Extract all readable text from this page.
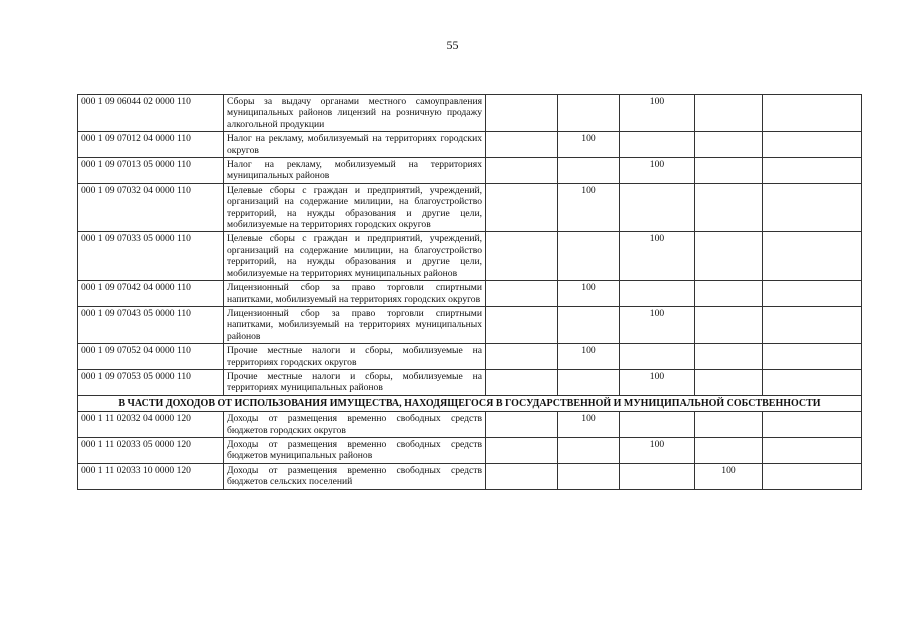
55
000 1 09 06044 02 0000 110	Сборы за выдачу органами местного самоуправления муниципальных районов лицензий на розничную продажу алкогольной продукции			100		
000 1 09 07012 04 0000 110	Налог на рекламу, мобилизуемый на территориях городских округов		100			
000 1 09 07013 05 0000 110	Налог на рекламу, мобилизуемый на территориях муниципальных районов			100		
000 1 09 07032 04 0000 110	Целевые сборы с граждан и предприятий, учреждений, организаций на содержание милиции, на благоустройство территорий, на нужды образования и другие цели, мобилизуемые на территориях городских округов		100			
000 1 09 07033 05 0000 110	Целевые сборы с граждан и предприятий, учреждений, организаций на содержание милиции, на благоустройство территорий, на нужды образования и другие цели, мобилизуемые на территориях муниципальных районов			100		
000 1 09 07042 04 0000 110	Лицензионный сбор за право торговли спиртными напитками, мобилизуемый на территориях городских округов		100			
000 1 09 07043 05 0000 110	Лицензионный сбор за право торговли спиртными напитками, мобилизуемый на территориях муниципальных районов			100		
000 1 09 07052 04 0000 110	Прочие местные налоги и сборы, мобилизуемые на территориях городских округов		100			
000 1 09 07053 05 0000 110	Прочие местные налоги и сборы, мобилизуемые на территориях муниципальных районов			100		
В ЧАСТИ ДОХОДОВ ОТ ИСПОЛЬЗОВАНИЯ ИМУЩЕСТВА, НАХОДЯЩЕГОСЯ В ГОСУДАРСТВЕННОЙ И МУНИЦИПАЛЬНОЙ СОБСТВЕННОСТИ						
000 1 11 02032 04 0000 120	Доходы от размещения временно свободных средств бюджетов городских округов		100			
000 1 11 02033 05 0000 120	Доходы от размещения временно свободных средств бюджетов муниципальных районов			100		
000 1 11 02033 10 0000 120	Доходы от размещения временно свободных средств бюджетов сельских поселений				100	
